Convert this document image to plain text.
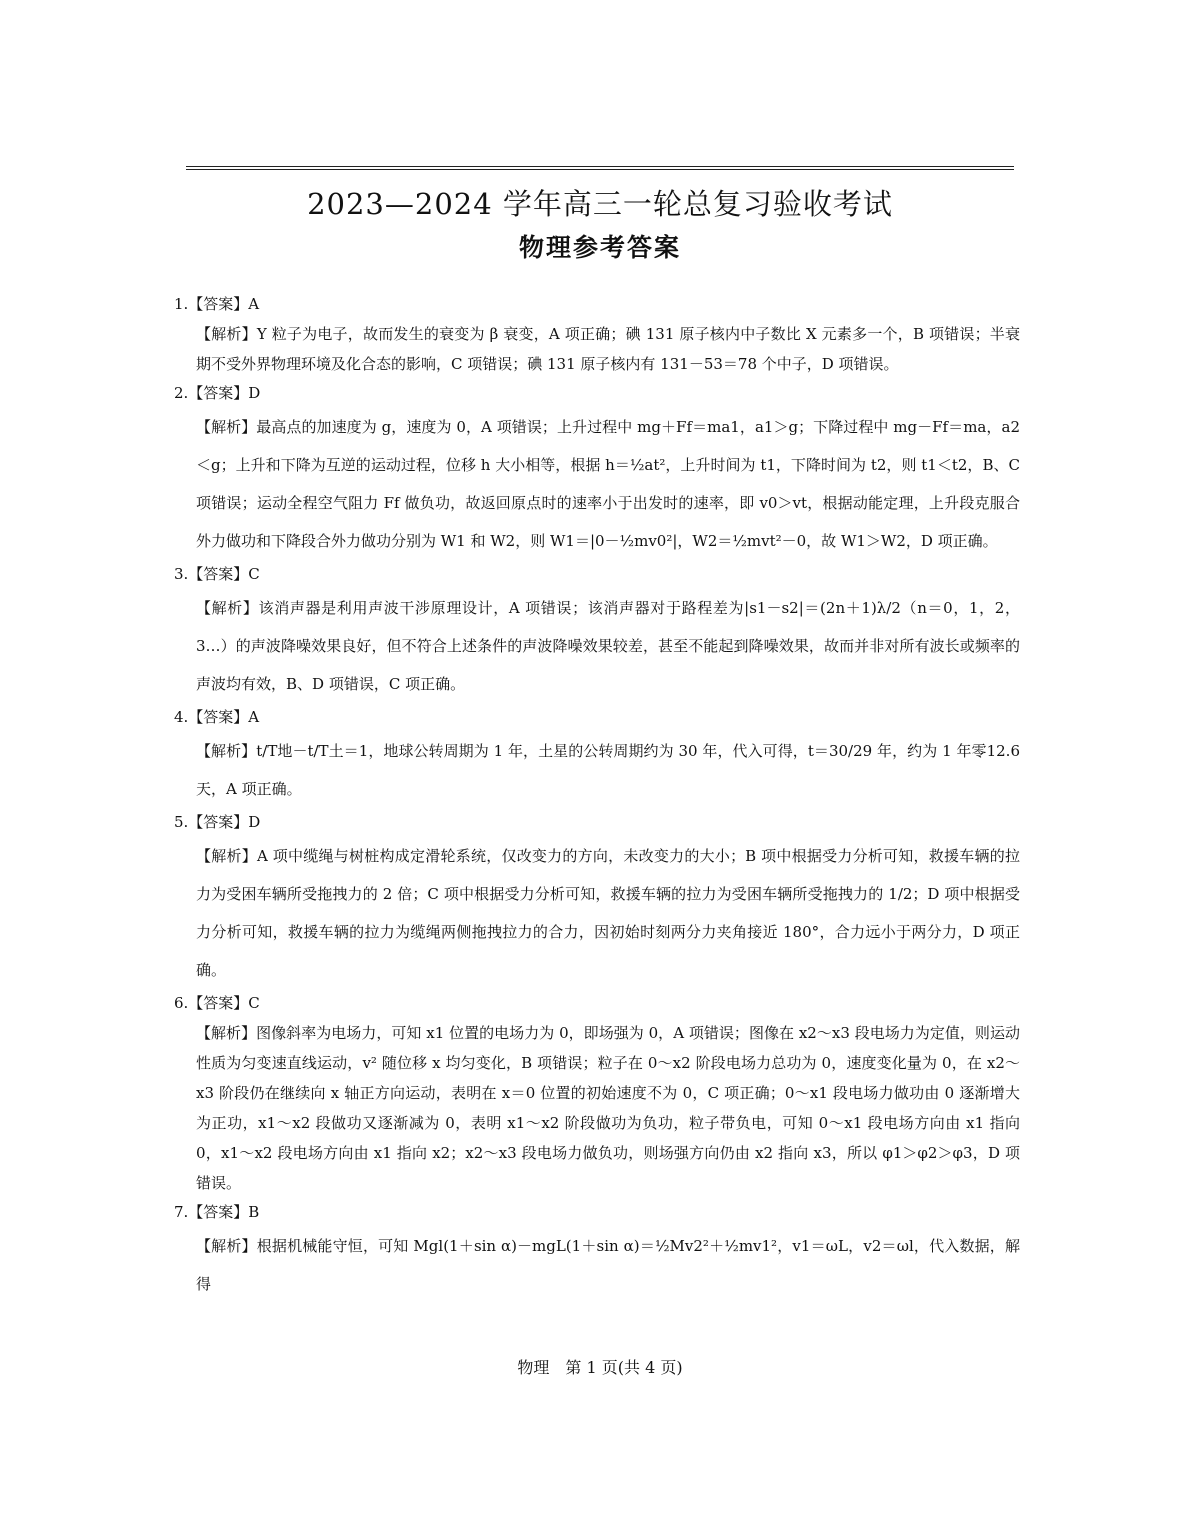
2023—2024 学年高三一轮总复习验收考试
物理参考答案

1.【答案】A

【解析】Y 粒子为电子，故而发生的衰变为 β 衰变，A 项正确；碘 131 原子核内中子数比 X 元素多一个，B 项错误；半衰期不受外界物理环境及化合态的影响，C 项错误；碘 131 原子核内有 131－53＝78 个中子，D 项错误。

2.【答案】D

【解析】最高点的加速度为 g，速度为 0，A 项错误；上升过程中 mg＋Ff＝ma1，a1＞g；下降过程中 mg－Ff＝ma，a2＜g；上升和下降为互逆的运动过程，位移 h 大小相等，根据 h＝½at²，上升时间为 t1，下降时间为 t2，则 t1＜t2，B、C 项错误；运动全程空气阻力 Ff 做负功，故返回原点时的速率小于出发时的速率，即 v0＞vt，根据动能定理，上升段克服合外力做功和下降段合外力做功分别为 W1 和 W2，则 W1＝|0－½mv0²|，W2＝½mvt²－0，故 W1＞W2，D 项正确。

3.【答案】C

【解析】该消声器是利用声波干涉原理设计，A 项错误；该消声器对于路程差为|s1－s2|＝(2n＋1)λ/2（n＝0，1，2，3…）的声波降噪效果良好，但不符合上述条件的声波降噪效果较差，甚至不能起到降噪效果，故而并非对所有波长或频率的声波均有效，B、D 项错误，C 项正确。

4.【答案】A

【解析】t/T地－t/T土＝1，地球公转周期为 1 年，土星的公转周期约为 30 年，代入可得，t＝30/29 年，约为 1 年零12.6 天，A 项正确。

5.【答案】D

【解析】A 项中缆绳与树桩构成定滑轮系统，仅改变力的方向，未改变力的大小；B 项中根据受力分析可知，救援车辆的拉力为受困车辆所受拖拽力的 2 倍；C 项中根据受力分析可知，救援车辆的拉力为受困车辆所受拖拽力的 1/2；D 项中根据受力分析可知，救援车辆的拉力为缆绳两侧拖拽拉力的合力，因初始时刻两分力夹角接近 180°，合力远小于两分力，D 项正确。

6.【答案】C

【解析】图像斜率为电场力，可知 x1 位置的电场力为 0，即场强为 0，A 项错误；图像在 x2～x3 段电场力为定值，则运动性质为匀变速直线运动，v² 随位移 x 均匀变化，B 项错误；粒子在 0～x2 阶段电场力总功为 0，速度变化量为 0，在 x2～x3 阶段仍在继续向 x 轴正方向运动，表明在 x＝0 位置的初始速度不为 0，C 项正确；0～x1 段电场力做功由 0 逐渐增大为正功，x1～x2 段做功又逐渐减为 0，表明 x1～x2 阶段做功为负功，粒子带负电，可知 0～x1 段电场方向由 x1 指向 0，x1～x2 段电场方向由 x1 指向 x2；x2～x3 段电场力做负功，则场强方向仍由 x2 指向 x3，所以 φ1＞φ2＞φ3，D 项错误。

7.【答案】B

【解析】根据机械能守恒，可知 Mgl(1＋sin α)－mgL(1＋sin α)＝½Mv2²＋½mv1²，v1＝ωL，v2＝ωl，代入数据，解得

物理　第 1 页(共 4 页)
